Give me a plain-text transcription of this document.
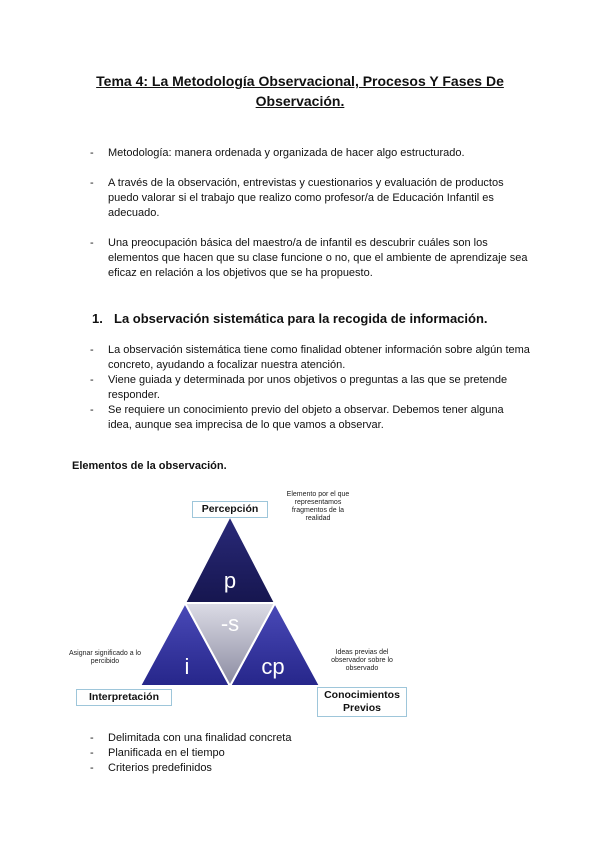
Tema 4: La Metodología Observacional, Procesos Y Fases De
Observación.
- Metodología: manera ordenada y organizada de hacer algo estructurado.
- A través de la observación, entrevistas y cuestionarios y evaluación de productos puedo valorar si el trabajo que realizo como profesor/a de Educación Infantil es adecuado.
- Una preocupación básica del maestro/a de infantil es descubrir cuáles son los elementos que hacen que su clase funcione o no, que el ambiente de aprendizaje sea eficaz en relación a los objetivos que se ha propuesto.
1. La observación sistemática para la recogida de información.
- La observación sistemática tiene como finalidad obtener información sobre algún tema concreto, ayudando a focalizar nuestra atención.
- Viene guiada y determinada por unos objetivos o preguntas a las que se pretende responder.
- Se requiere un conocimiento previo del objeto a observar. Debemos tener alguna idea, aunque sea imprecisa de lo que vamos a observar.
Elementos de la observación.
p
-s
i	cp
Percepción
Interpretación	Conocimientos Previos
Elemento por el que representamos fragmentos de la realidad
Asignar significado a lo percibido
Ideas previas del observador sobre lo observado
- Delimitada con una finalidad concreta
- Planificada en el tiempo
- Criterios predefinidos
